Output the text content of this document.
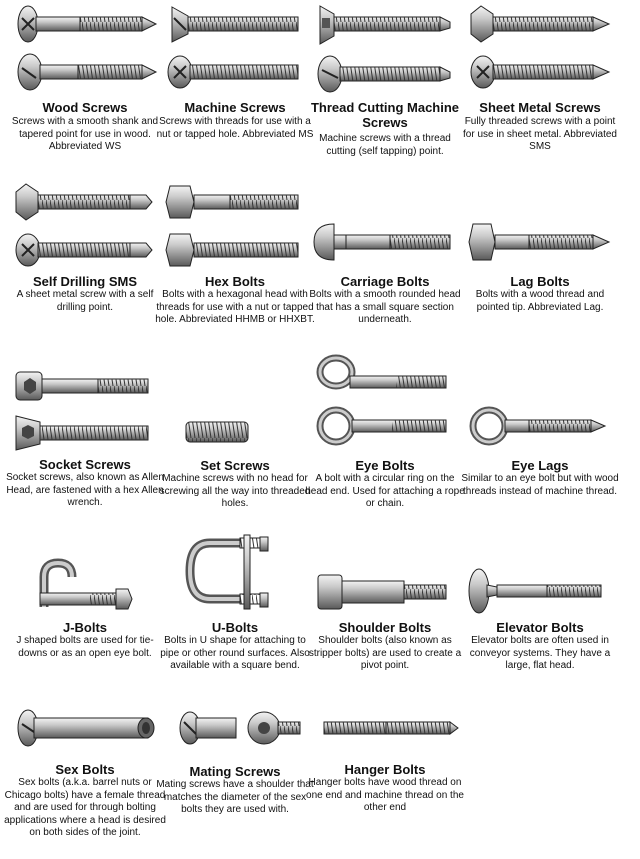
Wood Screws
Screws with a smooth shank and tapered point for use in wood. Abbreviated WS
Machine Screws
Screws with threads for use with a nut or tapped hole. Abbreviated MS
Thread Cutting Machine Screws
Machine screws with a thread cutting (self tapping) point.
Sheet Metal Screws
Fully threaded screws with a point for use in sheet metal. Abbreviated SMS
Self Drilling SMS
A sheet metal screw with a self drilling point.
Hex Bolts
Bolts with a hexagonal head with threads for use with a nut or tapped hole. Abbreviated HHMB or HHXBT.
Carriage Bolts
Bolts with a smooth rounded head that has a small square section underneath.
Lag Bolts
Bolts with a wood thread and pointed tip. Abbreviated Lag.
Socket Screws
Socket screws, also known as Allen Head, are fastened with a hex Allen wrench.
Set Screws
Machine screws with no head for screwing all the way into threaded holes.
Eye Bolts
A bolt with a circular ring on the head end. Used for attaching a rope or chain.
Eye Lags
Similar to an eye bolt but with wood threads instead of machine thread.
J-Bolts
J shaped bolts are used for tie-downs or as an open eye bolt.
U-Bolts
Bolts in U shape for attaching to pipe or other round surfaces. Also available with a square bend.
Shoulder Bolts
Shoulder bolts (also known as stripper bolts) are used to create a pivot point.
Elevator Bolts
Elevator bolts are often used in conveyor systems. They have a large, flat head.
Sex Bolts
Sex bolts (a.k.a. barrel nuts or Chicago bolts) have a female thread and are used for through bolting applications where a head is desired on both sides of the joint.
Mating Screws
Mating screws have a shoulder that matches the diameter of the sex bolts they are used with.
Hanger Bolts
Hanger bolts have wood thread on one end and machine thread on the other end
